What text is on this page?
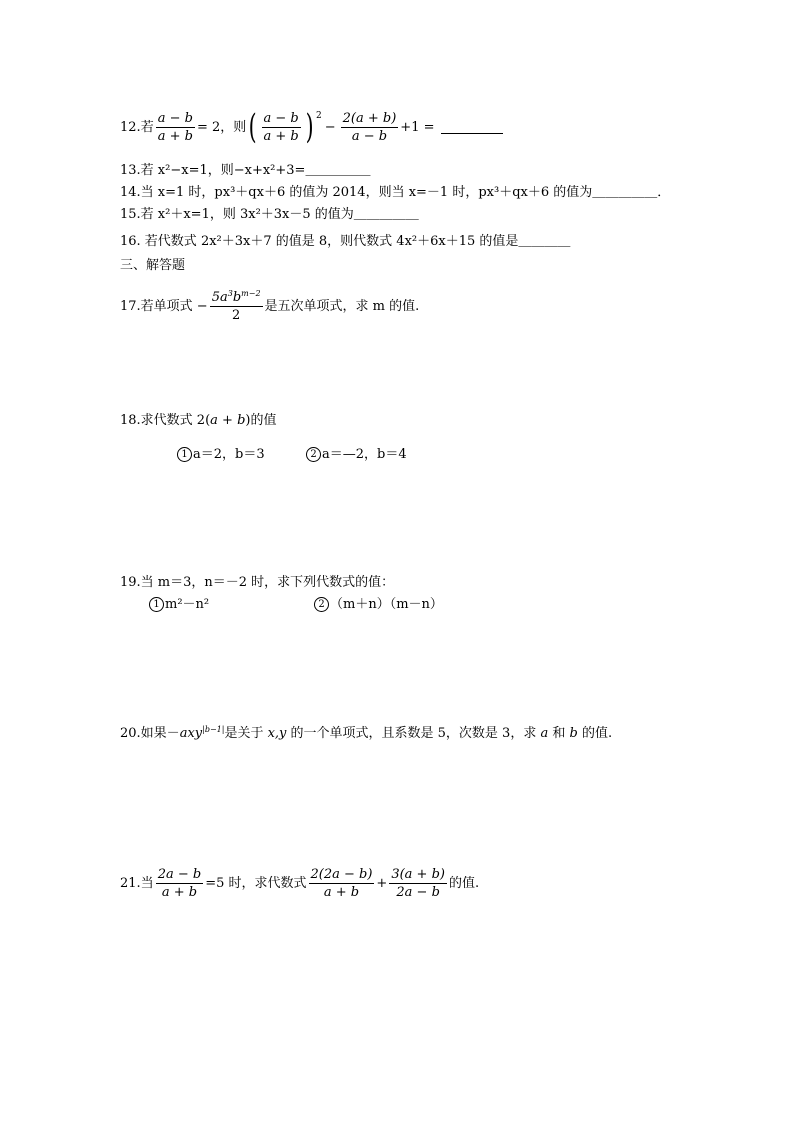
12. 若 $\frac{a - b}{a + b} = 2$，则 ( $\frac{a - b}{a + b}$ ) 2
− $\frac{2(a + b)}{a - b} +1$ =
13.若 x²−x=1，则−x+x²+3=＿＿＿＿＿
14.当 x=1 时，px³＋qx＋6 的值为 2014，则当 x=－1 时，px³＋qx＋6 的值为＿＿＿＿＿．
15.若 x²＋x=1，则 3x²＋3x－5 的值为＿＿＿＿＿
16. 若代数式 2x²＋3x＋7 的值是 8，则代数式 4x²＋6x＋15 的值是＿＿＿＿
三、解答题
17.若单项式 − $\frac{5a^3b^{m-2}}{2}$ 是五次单项式，求 m 的值.
18.求代数式 2(a + b)的值
1 a＝2，b＝3	2 a＝—2，b＝4
19.当 m＝3，n＝－2 时，求下列代数式的值：
1 m²－n²	2 （m＋n）（m－n）
20.如果－axy$^{|b-1|}$是关于 x,y 的一个单项式，且系数是 5，次数是 3，求 a 和 b 的值.
21.当 $\frac{2a - b}{a + b} =5$ 时，求代数式 $\frac{2(2a - b)}{a + b} + \frac{3(a + b)}{2a - b}$ 的值.
